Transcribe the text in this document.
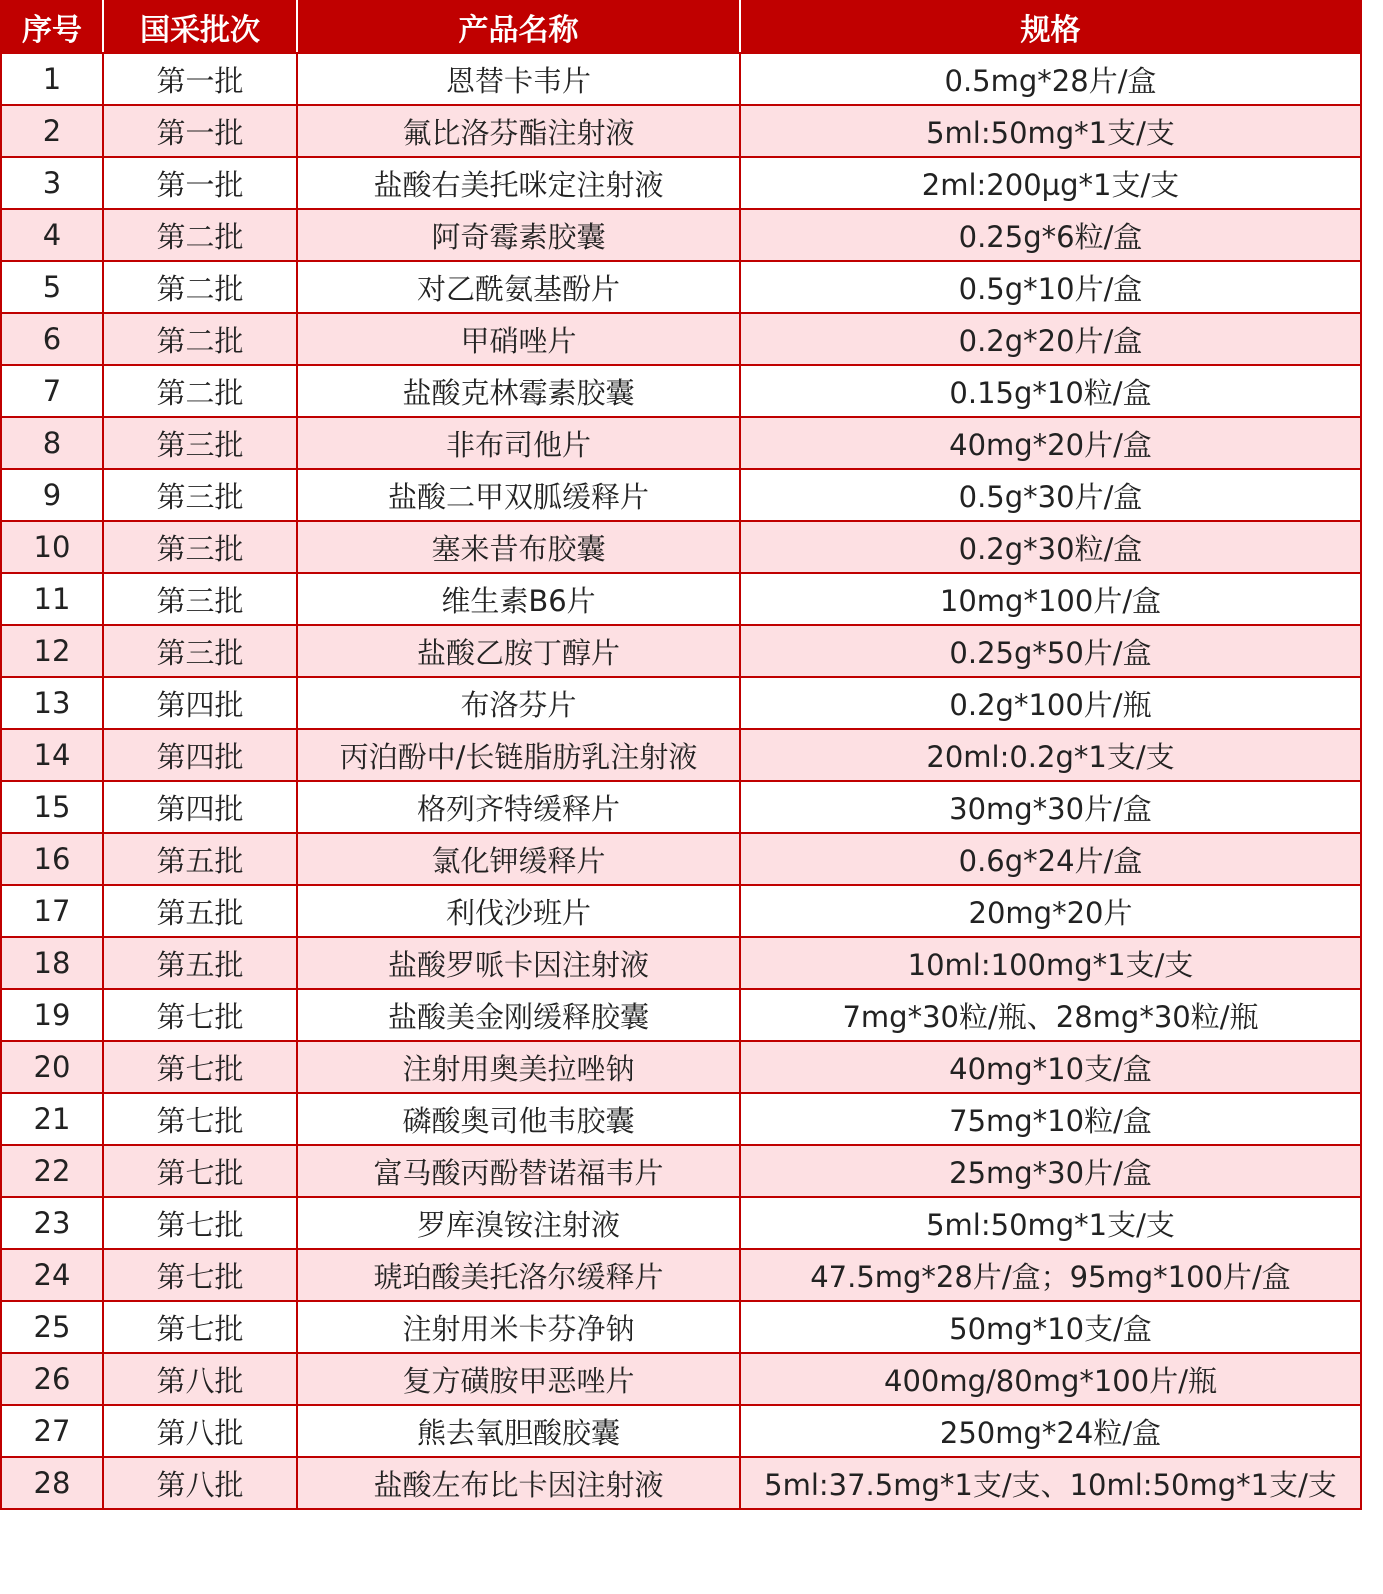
序号	国采批次	产品名称	规格
1	第一批	恩替卡韦片	0.5mg*28片/盒
2	第一批	氟比洛芬酯注射液	5ml:50mg*1支/支
3	第一批	盐酸右美托咪定注射液	2ml:200µg*1支/支
4	第二批	阿奇霉素胶囊	0.25g*6粒/盒
5	第二批	对乙酰氨基酚片	0.5g*10片/盒
6	第二批	甲硝唑片	0.2g*20片/盒
7	第二批	盐酸克林霉素胶囊	0.15g*10粒/盒
8	第三批	非布司他片	40mg*20片/盒
9	第三批	盐酸二甲双胍缓释片	0.5g*30片/盒
10	第三批	塞来昔布胶囊	0.2g*30粒/盒
11	第三批	维生素B6片	10mg*100片/盒
12	第三批	盐酸乙胺丁醇片	0.25g*50片/盒
13	第四批	布洛芬片	0.2g*100片/瓶
14	第四批	丙泊酚中/长链脂肪乳注射液	20ml:0.2g*1支/支
15	第四批	格列齐特缓释片	30mg*30片/盒
16	第五批	氯化钾缓释片	0.6g*24片/盒
17	第五批	利伐沙班片	20mg*20片
18	第五批	盐酸罗哌卡因注射液	10ml:100mg*1支/支
19	第七批	盐酸美金刚缓释胶囊	7mg*30粒/瓶、28mg*30粒/瓶
20	第七批	注射用奥美拉唑钠	40mg*10支/盒
21	第七批	磷酸奥司他韦胶囊	75mg*10粒/盒
22	第七批	富马酸丙酚替诺福韦片	25mg*30片/盒
23	第七批	罗库溴铵注射液	5ml:50mg*1支/支
24	第七批	琥珀酸美托洛尔缓释片	47.5mg*28片/盒；95mg*100片/盒
25	第七批	注射用米卡芬净钠	50mg*10支/盒
26	第八批	复方磺胺甲恶唑片	400mg/80mg*100片/瓶
27	第八批	熊去氧胆酸胶囊	250mg*24粒/盒
28	第八批	盐酸左布比卡因注射液	5ml:37.5mg*1支/支、10ml:50mg*1支/支
